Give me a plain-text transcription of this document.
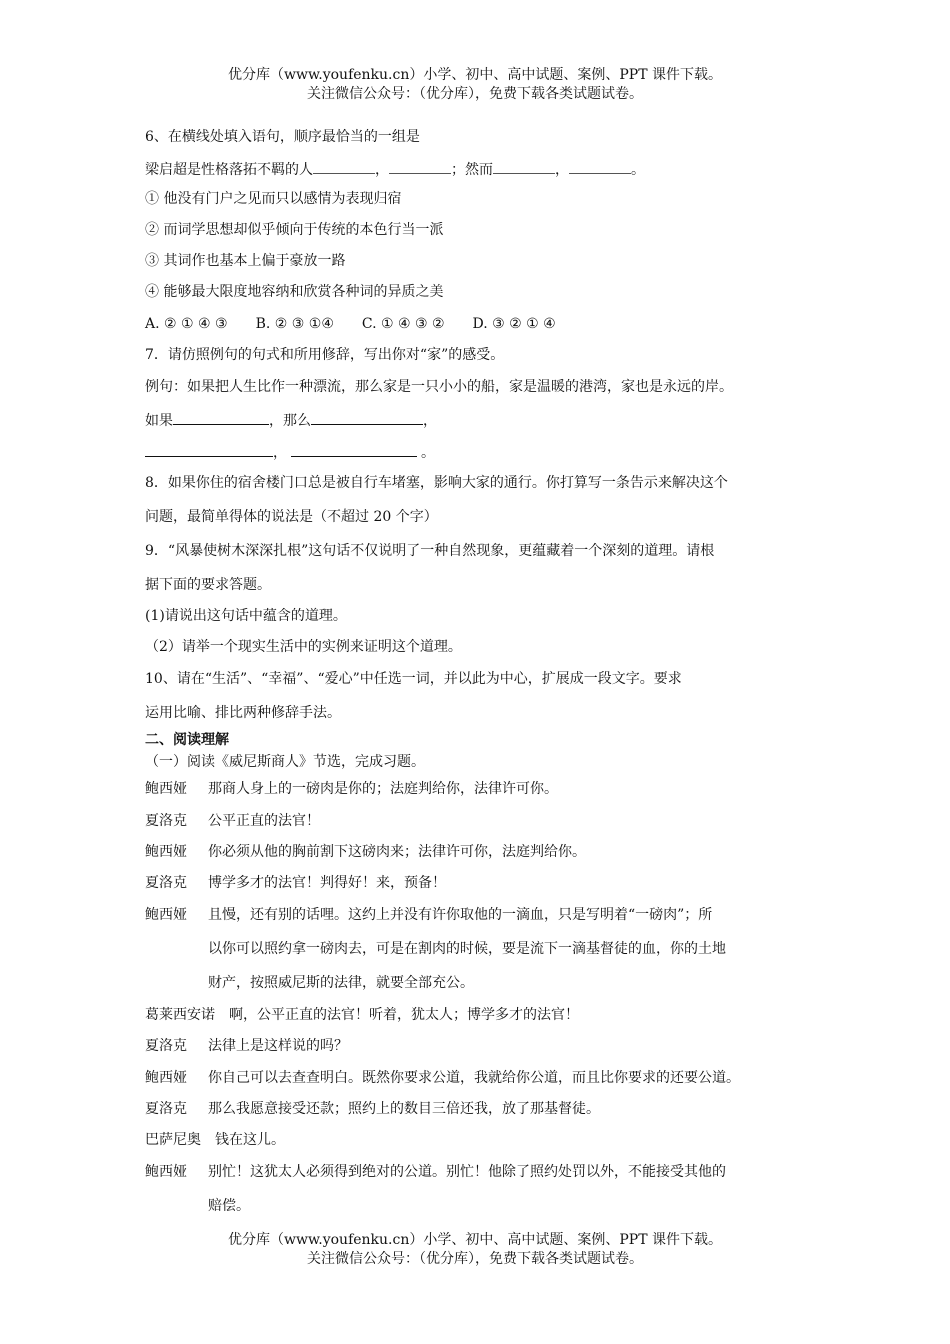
优分库（www.youfenku.cn）小学、初中、高中试题、案例、PPT 课件下载。
关注微信公众号：（优分库），免费下载各类试题试卷。
6、在横线处填入语句，顺序最恰当的一组是
梁启超是性格落拓不羁的人	，	；然而	，	。
① 他没有门户之见而只以感情为表现归宿
② 而词学思想却似乎倾向于传统的本色行当一派
③ 其词作也基本上偏于豪放一路
④ 能够最大限度地容纳和欣赏各种词的异质之美
A. ② ① ④ ③ B. ② ③ ①④ C. ① ④ ③ ② D. ③ ② ① ④
7．请仿照例句的句式和所用修辞，写出你对“家”的感受。
例句：如果把人生比作一种漂流，那么家是一只小小的船，家是温暖的港湾，家也是永远的岸。
如果	，那么	，
，	。
8．如果你住的宿舍楼门口总是被自行车堵塞，影响大家的通行。你打算写一条告示来解决这个
问题，最简单得体的说法是（不超过 20 个字）
9．“风暴使树木深深扎根”这句话不仅说明了一种自然现象，更蕴藏着一个深刻的道理。请根
据下面的要求答题。
(1)请说出这句话中蕴含的道理。
（2）请举一个现实生活中的实例来证明这个道理。
10、请在“生活”、“幸福”、“爱心”中任选一词，并以此为中心，扩展成一段文字。要求
运用比喻、排比两种修辞手法。
二、阅读理解
（一）阅读《威尼斯商人》节选，完成习题。
鲍西娅 那商人身上的一磅肉是你的；法庭判给你，法律许可你。
夏洛克 公平正直的法官！
鲍西娅 你必须从他的胸前割下这磅肉来；法律许可你，法庭判给你。
夏洛克 博学多才的法官！判得好！来，预备！
鲍西娅 且慢，还有别的话哩。这约上并没有许你取他的一滴血，只是写明着“一磅肉”；所
以你可以照约拿一磅肉去，可是在割肉的时候，要是流下一滴基督徒的血，你的土地
财产，按照威尼斯的法律，就要全部充公。
葛莱西安诺 啊，公平正直的法官！听着，犹太人；博学多才的法官！
夏洛克 法律上是这样说的吗？
鲍西娅 你自己可以去查查明白。既然你要求公道，我就给你公道，而且比你要求的还要公道。
夏洛克 那么我愿意接受还款；照约上的数目三倍还我，放了那基督徒。
巴萨尼奥 钱在这儿。
鲍西娅 别忙！这犹太人必须得到绝对的公道。别忙！他除了照约处罚以外，不能接受其他的
赔偿。
优分库（www.youfenku.cn）小学、初中、高中试题、案例、PPT 课件下载。
关注微信公众号：（优分库），免费下载各类试题试卷。
